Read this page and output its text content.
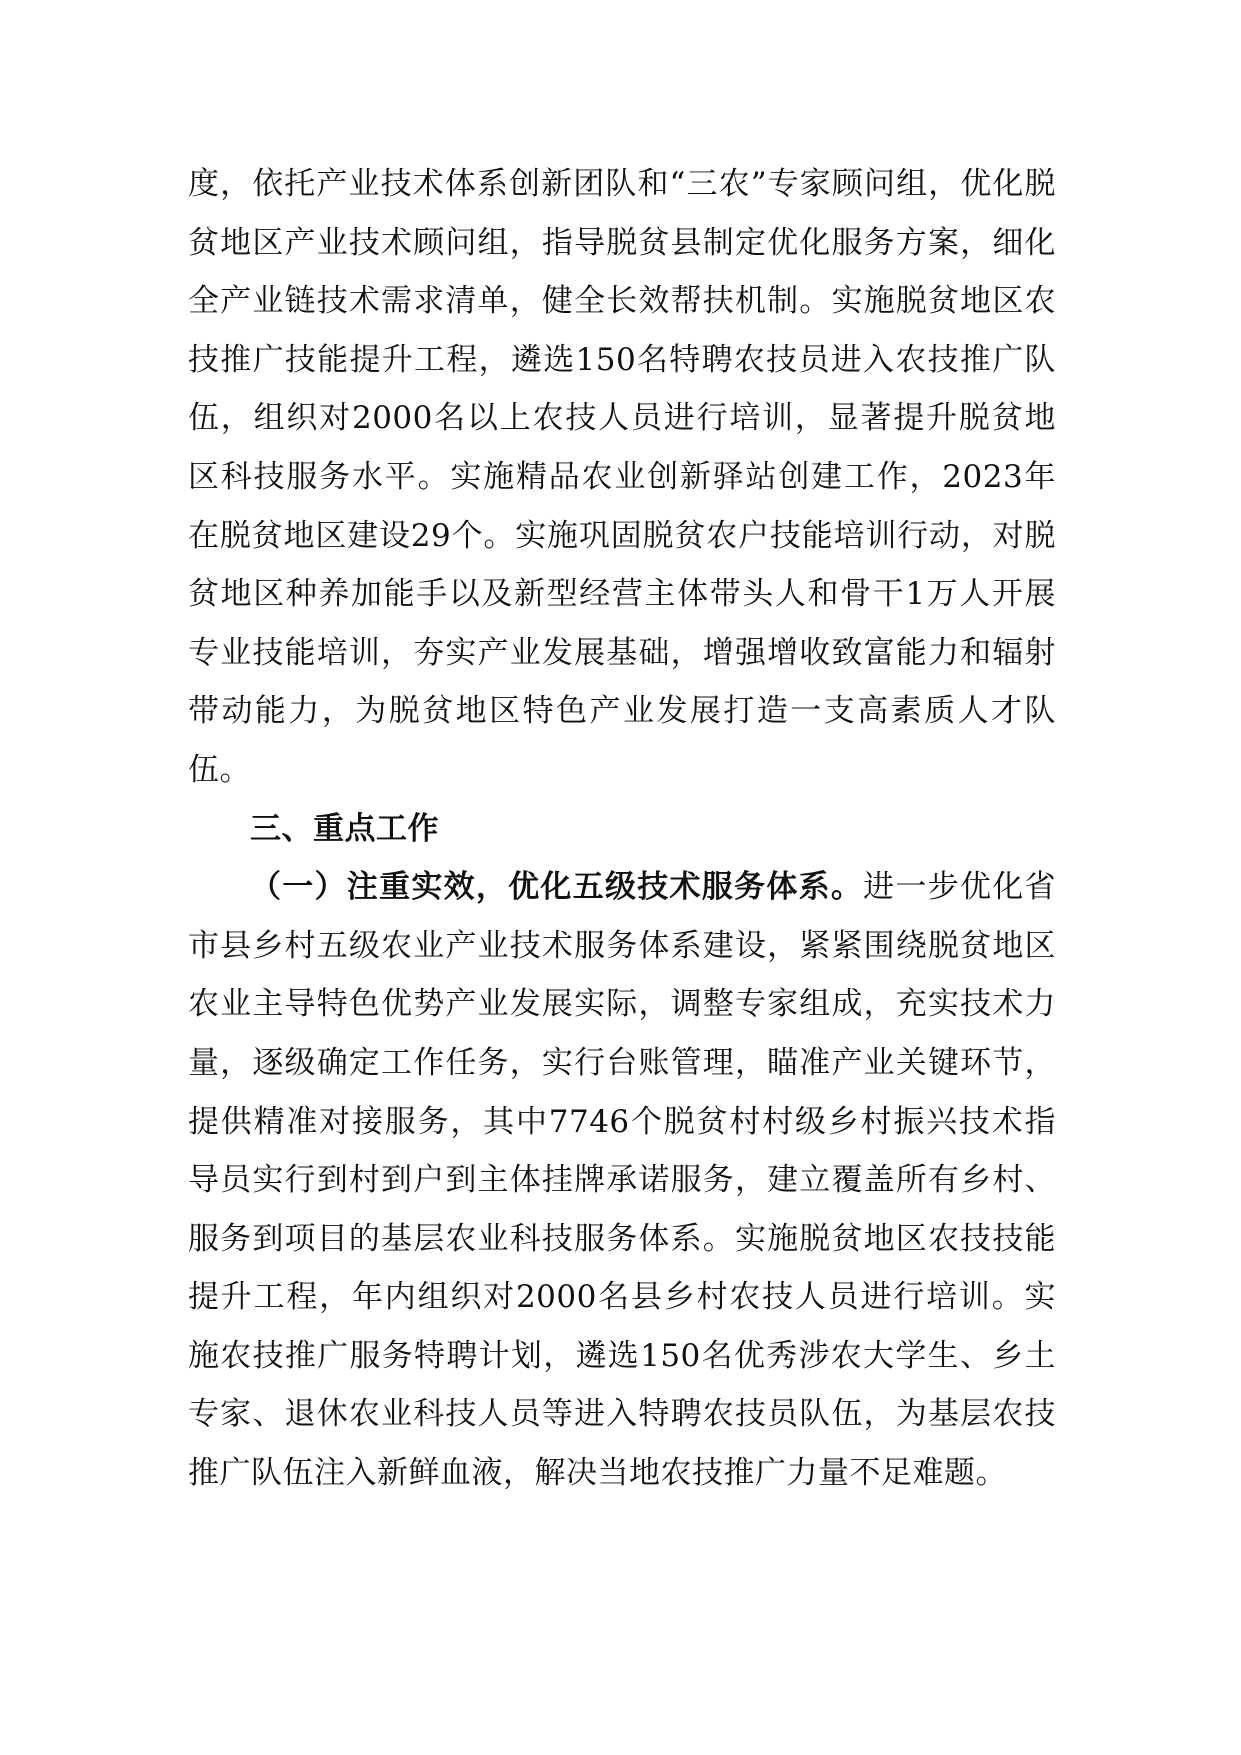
度，依托产业技术体系创新团队和“三农”专家顾问组，优化脱贫地区产业技术顾问组，指导脱贫县制定优化服务方案，细化全产业链技术需求清单，健全长效帮扶机制。实施脱贫地区农技推广技能提升工程，遴选150名特聘农技员进入农技推广队伍，组织对2000名以上农技人员进行培训，显著提升脱贫地区科技服务水平。实施精品农业创新驿站创建工作，2023年在脱贫地区建设29个。实施巩固脱贫农户技能培训行动，对脱贫地区种养加能手以及新型经营主体带头人和骨干1万人开展专业技能培训，夯实产业发展基础，增强增收致富能力和辐射带动能力，为脱贫地区特色产业发展打造一支高素质人才队伍。

三、重点工作

（一）注重实效，优化五级技术服务体系。进一步优化省市县乡村五级农业产业技术服务体系建设，紧紧围绕脱贫地区农业主导特色优势产业发展实际，调整专家组成，充实技术力量，逐级确定工作任务，实行台账管理，瞄准产业关键环节，提供精准对接服务，其中7746个脱贫村村级乡村振兴技术指导员实行到村到户到主体挂牌承诺服务，建立覆盖所有乡村、服务到项目的基层农业科技服务体系。实施脱贫地区农技技能提升工程，年内组织对2000名县乡村农技人员进行培训。实施农技推广服务特聘计划，遴选150名优秀涉农大学生、乡土专家、退休农业科技人员等进入特聘农技员队伍，为基层农技推广队伍注入新鲜血液，解决当地农技推广力量不足难题。
